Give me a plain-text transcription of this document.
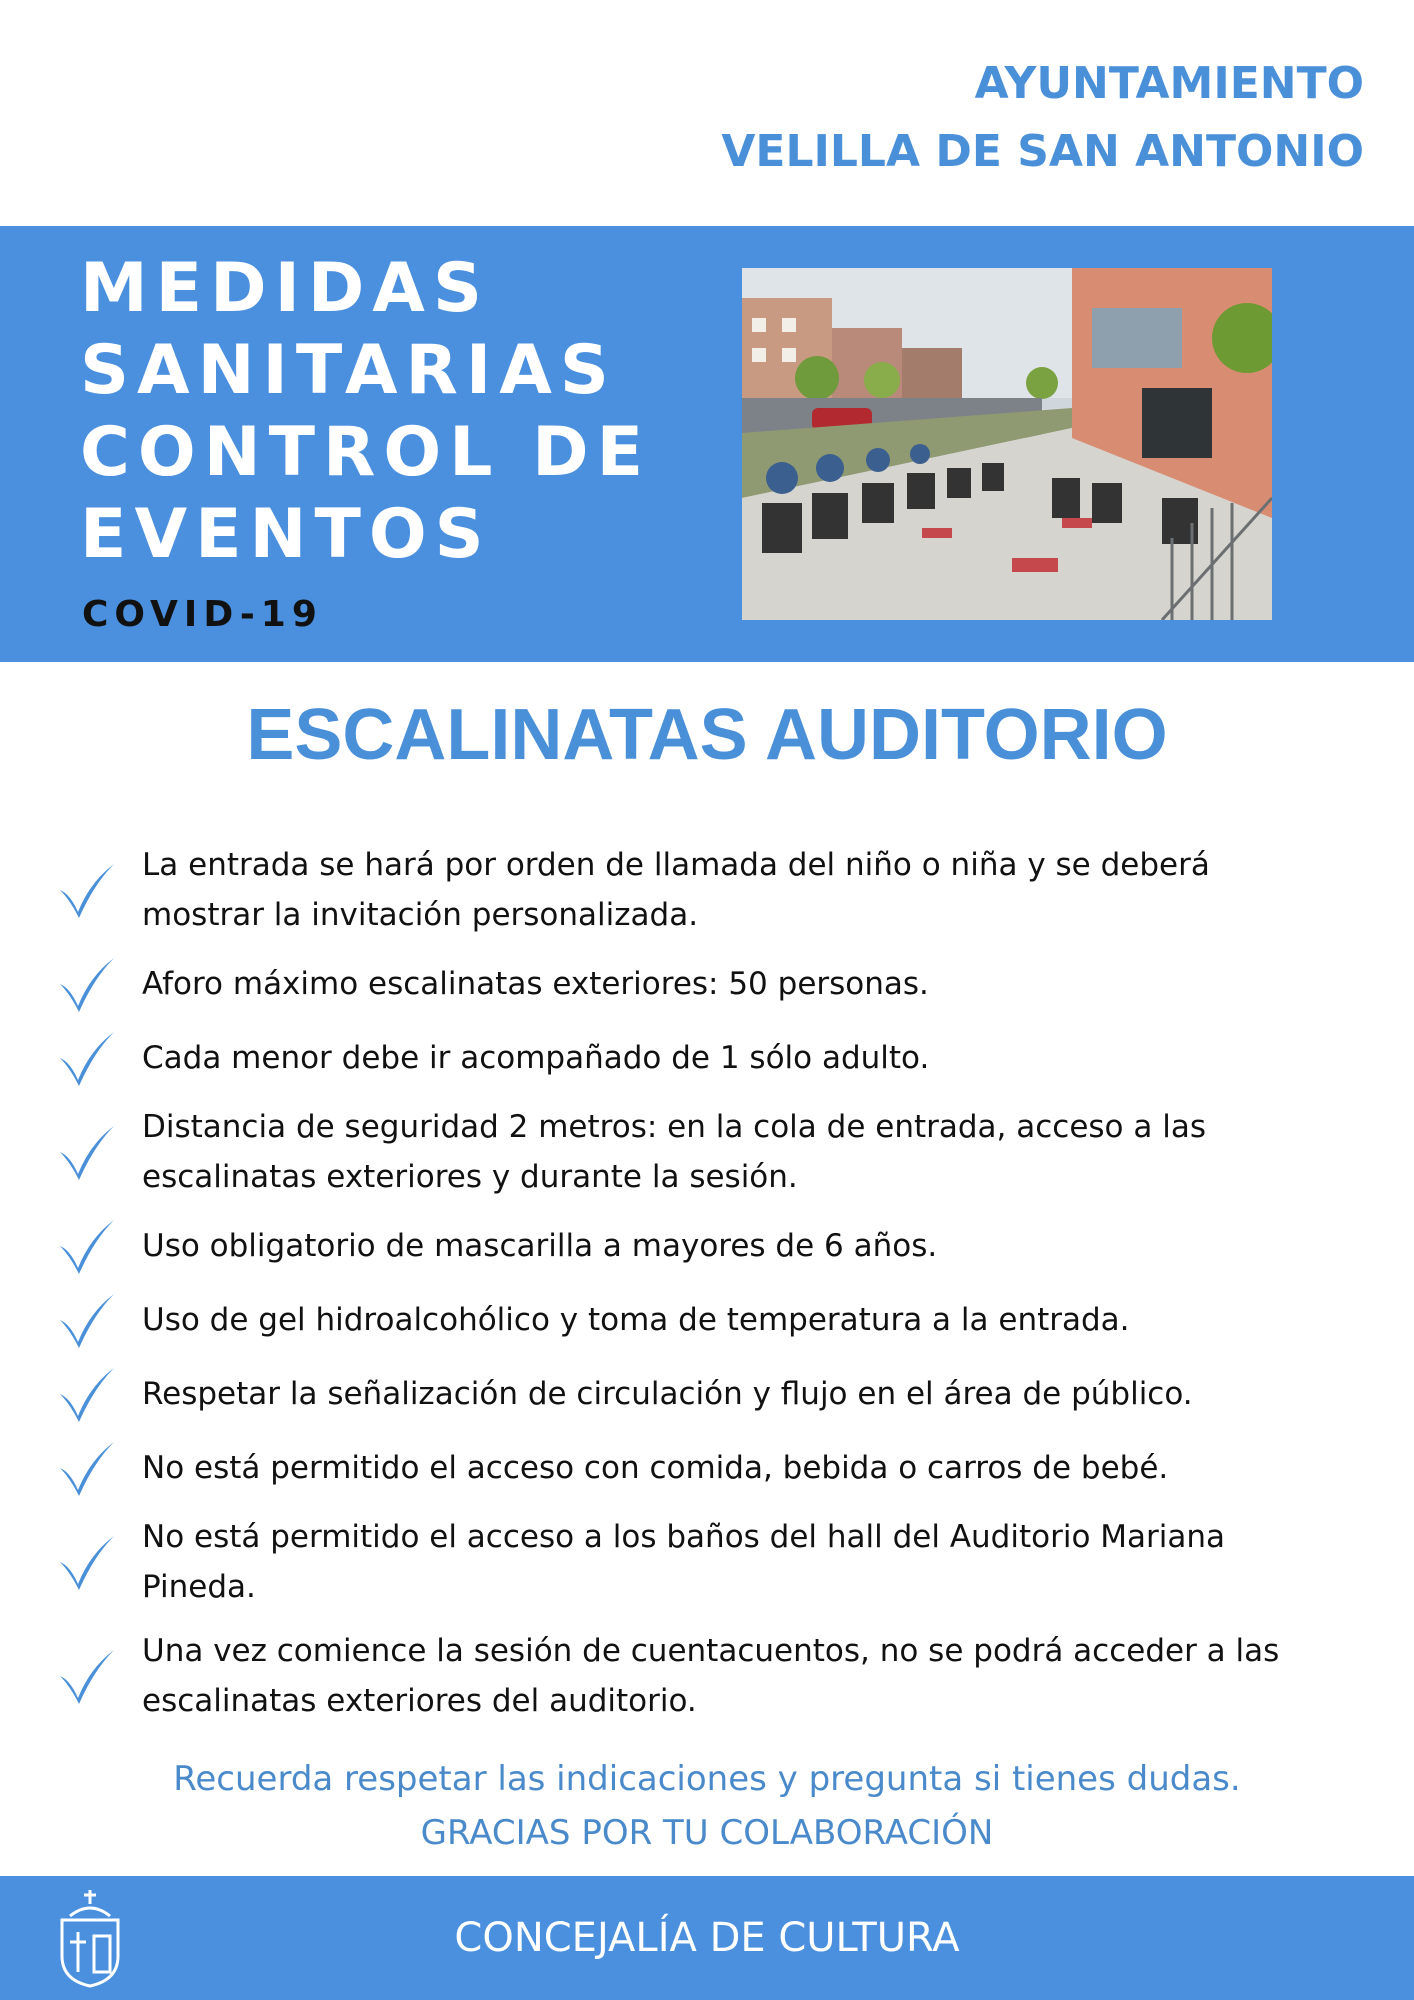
AYUNTAMIENTO
VELILLA DE SAN ANTONIO
MEDIDAS
SANITARIAS
CONTROL DE
EVENTOS
COVID-19
ESCALINATAS AUDITORIO
La entrada se hará por orden de llamada del niño o niña y se deberá
mostrar la invitación personalizada.
Aforo máximo escalinatas exteriores: 50 personas.
Cada menor debe ir acompañado de 1 sólo adulto.
Distancia de seguridad 2 metros: en la cola de entrada, acceso a las
escalinatas exteriores y durante la sesión.
Uso obligatorio de mascarilla a mayores de 6 años.
Uso de gel hidroalcohólico y toma de temperatura a la entrada.
Respetar la señalización de circulación y flujo en el área de público.
No está permitido el acceso con comida, bebida o carros de bebé.
No está permitido el acceso a los baños del hall del Auditorio Mariana
Pineda.
Una vez comience la sesión de cuentacuentos, no se podrá acceder a las
escalinatas exteriores del auditorio.
Recuerda respetar las indicaciones y pregunta si tienes dudas.
GRACIAS POR TU COLABORACIÓN
CONCEJALÍA DE CULTURA
